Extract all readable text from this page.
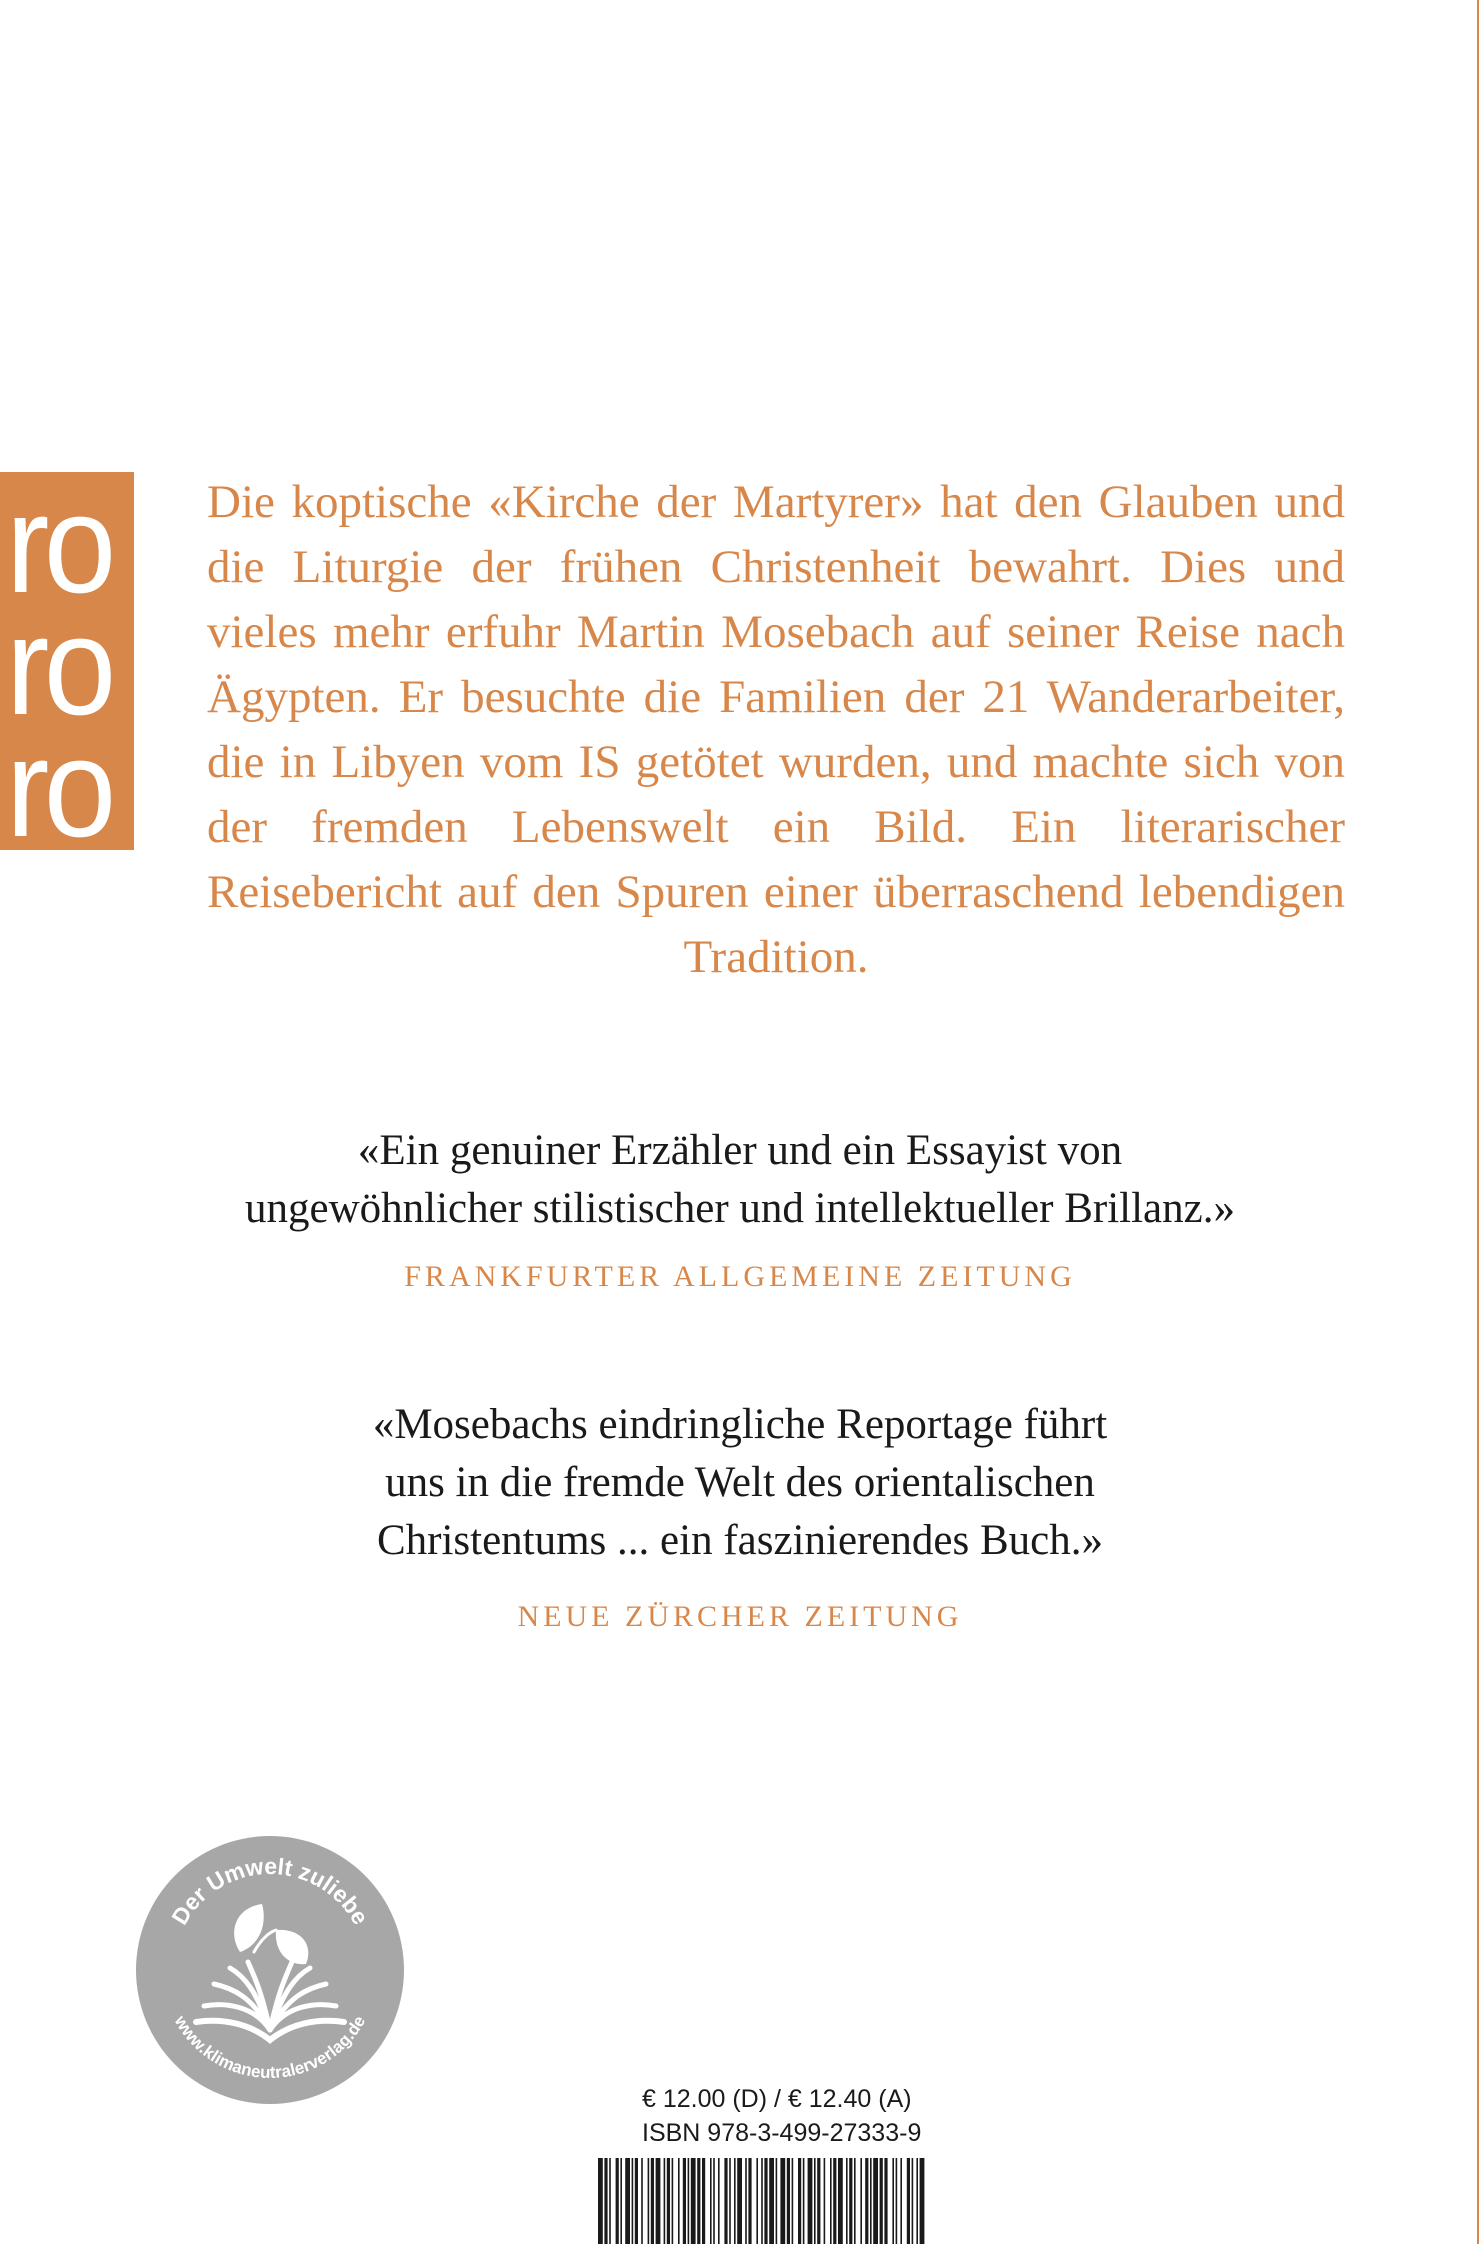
ro
ro
ro

Die koptische «Kirche der Martyrer» hat den Glauben und die Liturgie der frühen Christenheit bewahrt. Dies und vieles mehr erfuhr Martin Mosebach auf seiner Reise nach Ägypten. Er besuchte die Familien der 21 Wanderarbeiter, die in Libyen vom IS getötet wurden, und machte sich von der fremden Lebenswelt ein Bild. Ein literarischer Reisebericht auf den Spuren einer überraschend lebendigen Tradition.

«Ein genuiner Erzähler und ein Essayist von
ungewöhnlicher stilistischer und intellektueller Brillanz.»

FRANKFURTER ALLGEMEINE ZEITUNG

«Mosebachs eindringliche Reportage führt
uns in die fremde Welt des orientalischen
Christentums ... ein faszinierendes Buch.»

NEUE ZÜRCHER ZEITUNG

Der Umwelt zuliebe
www.klimaneutralerverlag.de

€ 12.00 (D) / € 12.40 (A)
ISBN 978-3-499-27333-9
